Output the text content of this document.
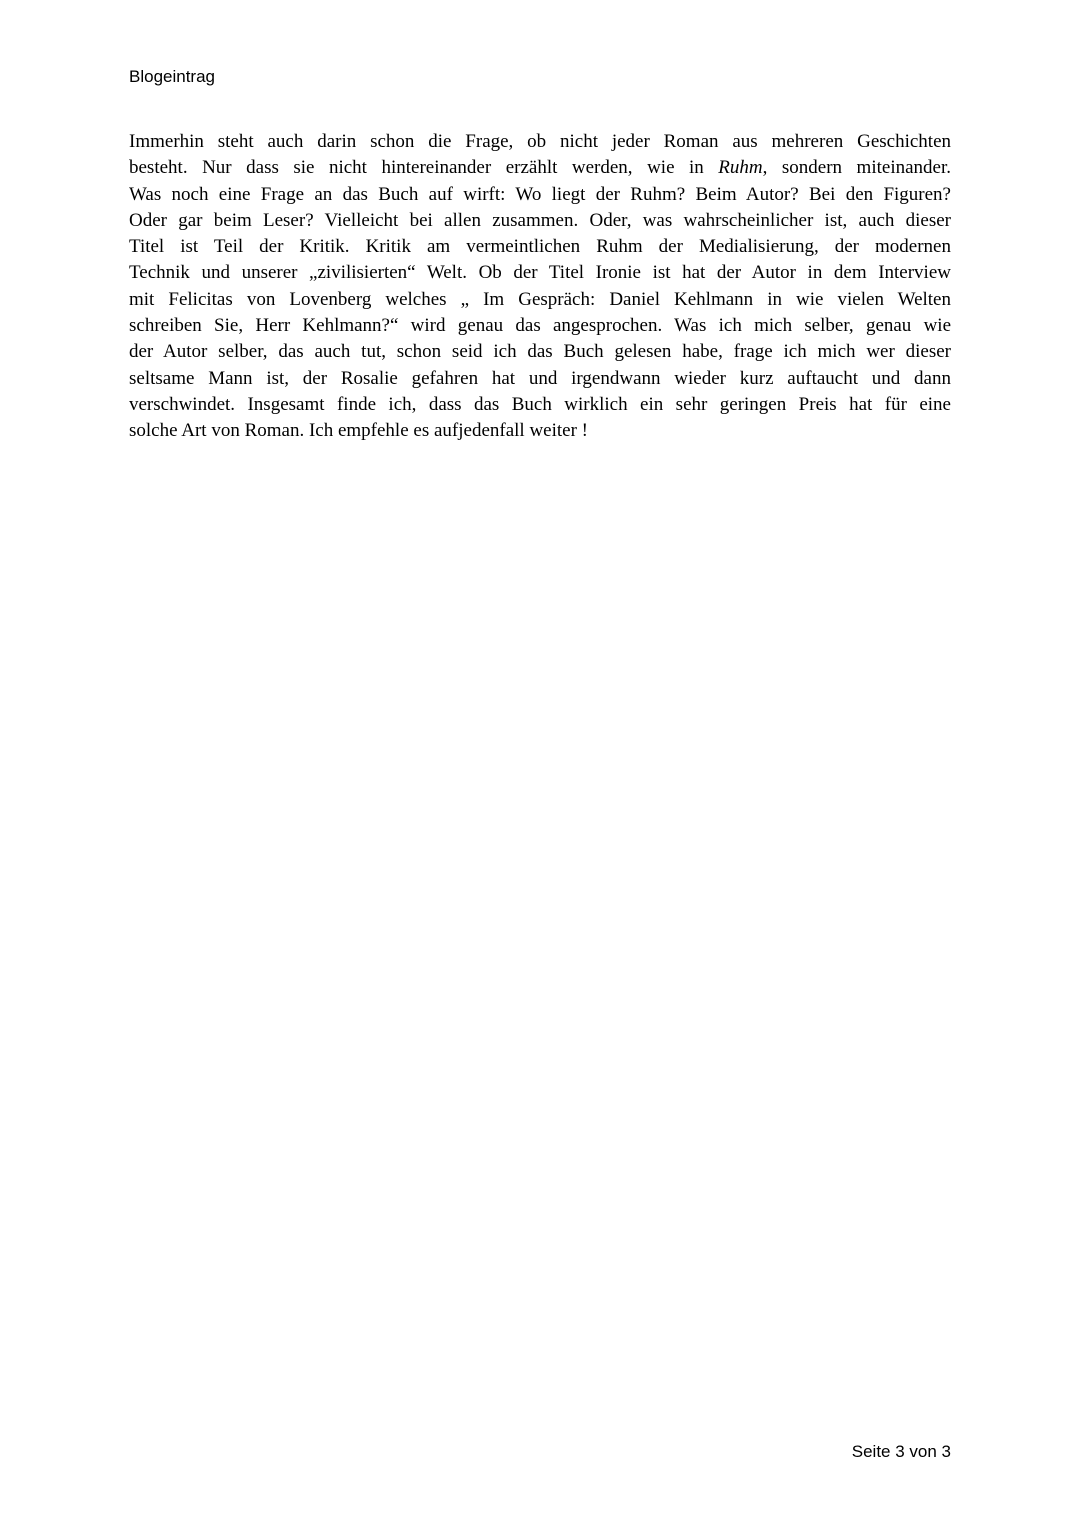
Blogeintrag
Immerhin steht auch darin schon die Frage, ob nicht jeder Roman aus mehreren Geschichten
besteht. Nur dass sie nicht hintereinander erzählt werden, wie in Ruhm, sondern miteinander.
Was noch eine Frage an das Buch auf wirft: Wo liegt der Ruhm? Beim Autor? Bei den Figuren?
Oder gar beim Leser? Vielleicht bei allen zusammen. Oder, was wahrscheinlicher ist, auch dieser
Titel ist Teil der Kritik. Kritik am vermeintlichen Ruhm der Medialisierung, der modernen
Technik und unserer „zivilisierten“ Welt. Ob der Titel Ironie ist hat der Autor in dem Interview
mit Felicitas von Lovenberg welches „ Im Gespräch: Daniel Kehlmann in wie vielen Welten
schreiben Sie, Herr Kehlmann?“ wird genau das angesprochen. Was ich mich selber, genau wie
der Autor selber, das auch tut, schon seid ich das Buch gelesen habe, frage ich mich wer dieser
seltsame Mann ist, der Rosalie gefahren hat und irgendwann wieder kurz auftaucht und dann
verschwindet. Insgesamt finde ich, dass das Buch wirklich ein sehr geringen Preis hat für eine
solche Art von Roman. Ich empfehle es aufjedenfall weiter !
Seite 3 von 3
